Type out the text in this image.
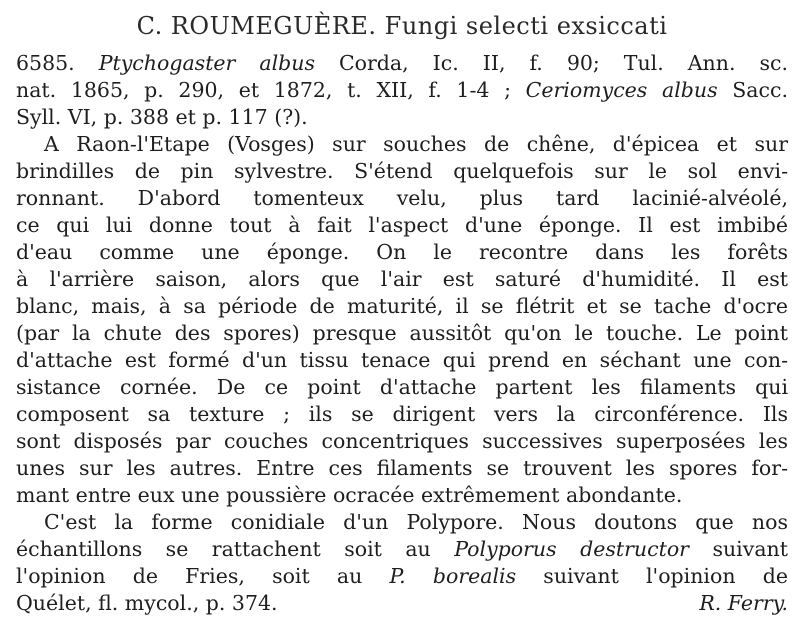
C. ROUMEGUÈRE. Fungi selecti exsiccati
6585. Ptychogaster albus Corda, Ic. II, f. 90; Tul. Ann. sc.
nat. 1865, p. 290, et 1872, t. XII, f. 1-4 ; Ceriomyces albus Sacc.
Syll. VI, p. 388 et p. 117 (?).
A Raon-l'Etape (Vosges) sur souches de chêne, d'épicea et sur
brindilles de pin sylvestre. S'étend quelquefois sur le sol envi-
ronnant. D'abord tomenteux velu, plus tard lacinié-alvéolé,
ce qui lui donne tout à fait l'aspect d'une éponge. Il est imbibé
d'eau comme une éponge. On le recontre dans les forêts
à l'arrière saison, alors que l'air est saturé d'humidité. Il est
blanc, mais, à sa période de maturité, il se flétrit et se tache d'ocre
(par la chute des spores) presque aussitôt qu'on le touche. Le point
d'attache est formé d'un tissu tenace qui prend en séchant une con-
sistance cornée. De ce point d'attache partent les filaments qui
composent sa texture ; ils se dirigent vers la circonférence. Ils
sont disposés par couches concentriques successives superposées les
unes sur les autres. Entre ces filaments se trouvent les spores for-
mant entre eux une poussière ocracée extrêmement abondante.
C'est la forme conidiale d'un Polypore. Nous doutons que nos
échantillons se rattachent soit au Polyporus destructor suivant
l'opinion de Fries, soit au P. borealis suivant l'opinion de
Quélet, fl. mycol., p. 374.	R. Ferry.
